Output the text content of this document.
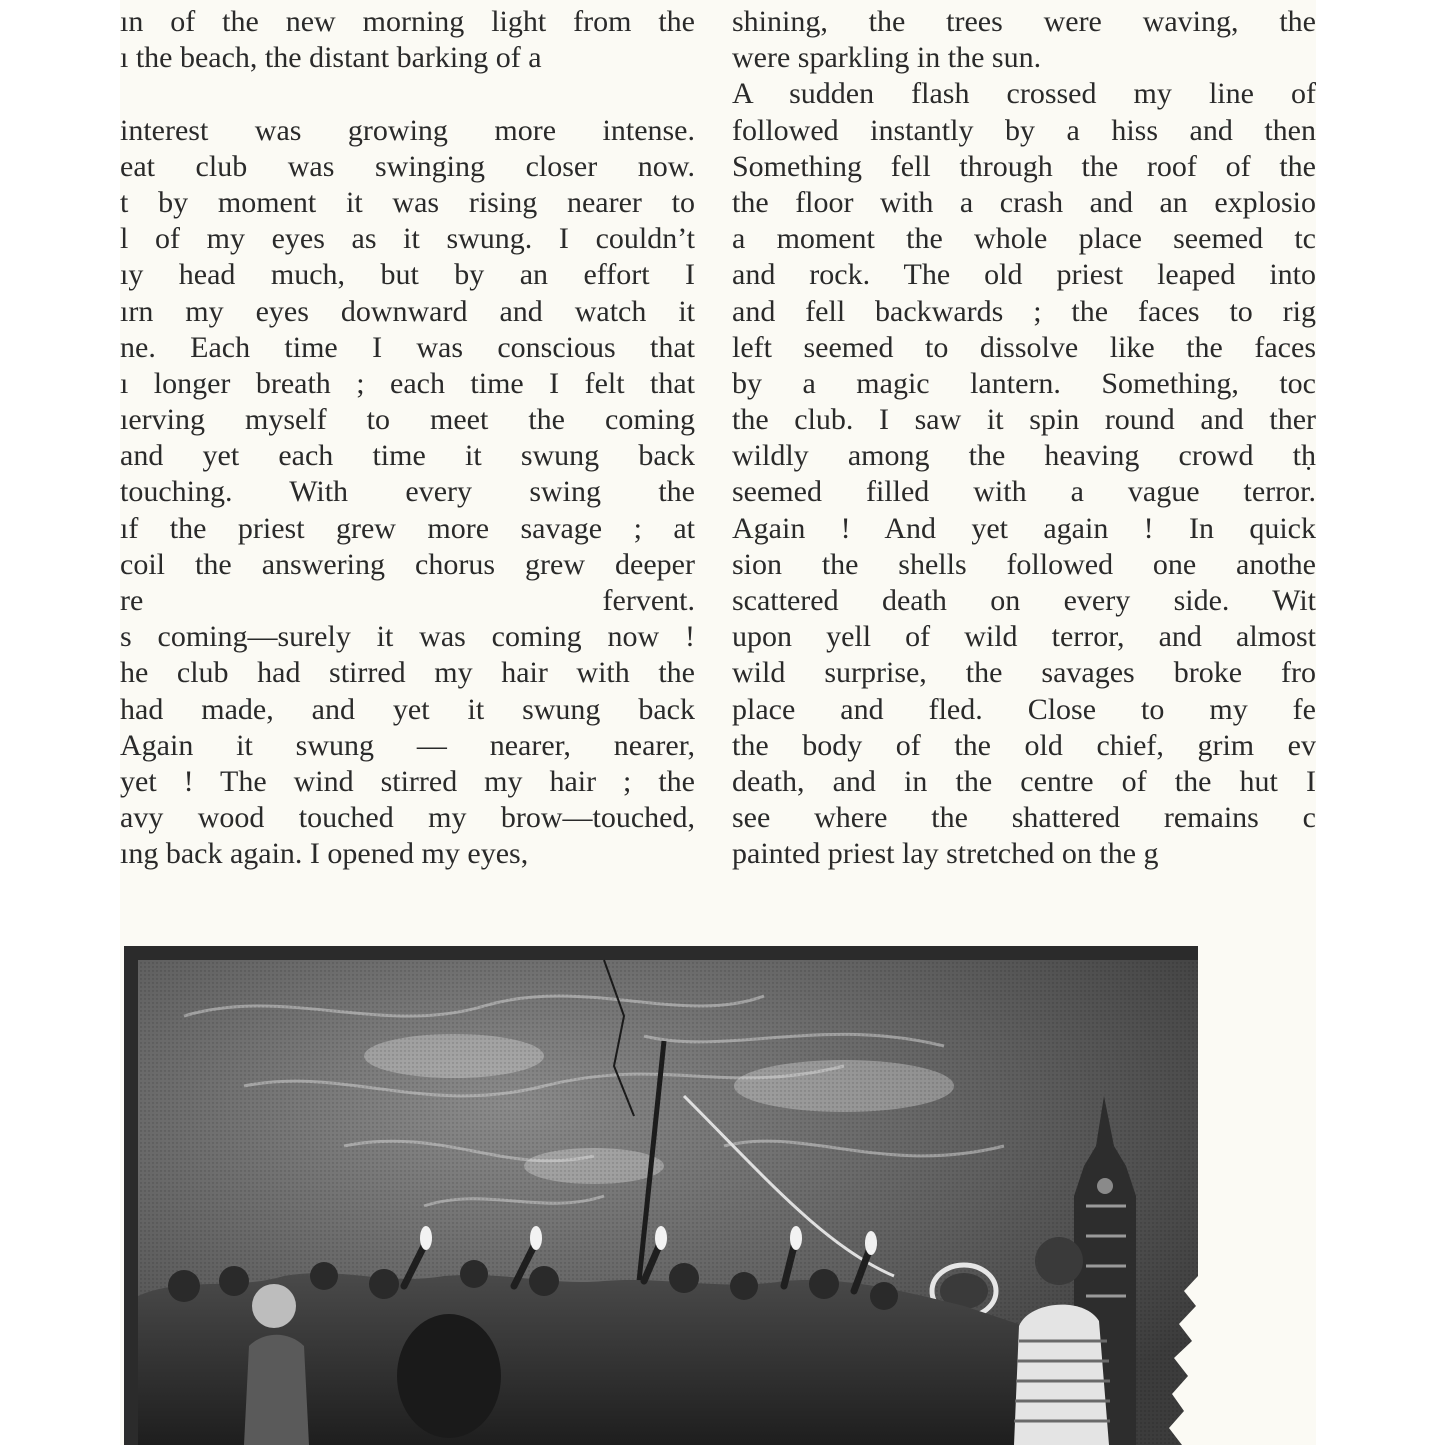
ın of the new morning light from the
ı the beach, the distant barking of a
interest was growing more intense.
eat club was swinging closer now.
t by moment it was rising nearer to
l of my eyes as it swung. I couldn’t
ıy head much, but by an effort I
ırn my eyes downward and watch it
ne. Each time I was conscious that
ı longer breath ; each time I felt that
ıerving myself to meet the coming
and yet each time it swung back
touching. With every swing the
ıf the priest grew more savage ; at
coil the answering chorus grew deeper
re fervent.
s coming—surely it was coming now !
he club had stirred my hair with the
had made, and yet it swung back
Again it swung — nearer, nearer,
yet ! The wind stirred my hair ; the
avy wood touched my brow—touched,
ıng back again. I opened my eyes,
shining, the trees were waving, the
were sparkling in the sun.
A sudden flash crossed my line of
followed instantly by a hiss and then
Something fell through the roof of the
the floor with a crash and an explosio
a moment the whole place seemed tc
and rock. The old priest leaped into
and fell backwards ; the faces to rig
left seemed to dissolve like the faces
by a magic lantern. Something, toc
the club. I saw it spin round and ther
wildly among the heaving crowd tḥ
seemed filled with a vague terror.
Again ! And yet again ! In quick
sion the shells followed one anothe
scattered death on every side. Wit
upon yell of wild terror, and almost
wild surprise, the savages broke fro
place and fled. Close to my fe
the body of the old chief, grim ev
death, and in the centre of the hut I
see where the shattered remains c
painted priest lay stretched on the g
